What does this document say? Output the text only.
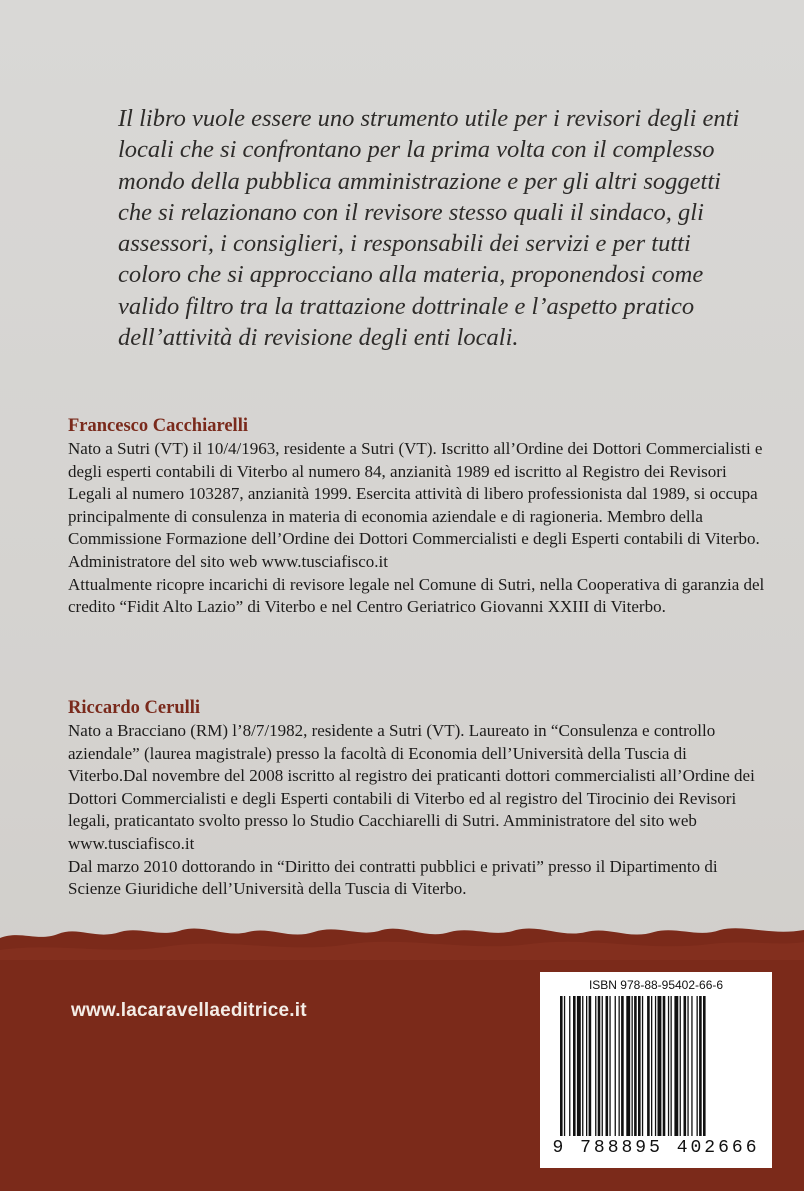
Il libro vuole essere uno strumento utile per i revisori degli enti locali che si confrontano per la prima volta con il complesso mondo della pubblica amministrazione e per gli altri soggetti che si relazionano con il revisore stesso quali il sindaco, gli assessori, i consiglieri, i responsabili dei servizi e per tutti coloro che si approcciano alla materia, proponendosi come valido filtro tra la trattazione dottrinale e l’aspetto pratico dell’attività di revisione degli enti locali.

Francesco Cacchiarelli

Nato a Sutri (VT) il 10/4/1963, residente a Sutri (VT). Iscritto all’Ordine dei Dottori Commercialisti e degli esperti contabili di Viterbo al numero 84, anzianità 1989 ed iscritto al Registro dei Revisori Legali al numero 103287, anzianità 1999. Esercita attività di libero professionista dal 1989, si occupa principalmente di consulenza in materia di economia aziendale e di ragioneria. Membro della Commissione Formazione dell’Ordine dei Dottori Commercialisti e degli Esperti contabili di Viterbo. Administratore del sito web www.tusciafisco.it
Attualmente ricopre incarichi di revisore legale nel Comune di Sutri, nella Cooperativa di garanzia del credito “Fidit Alto Lazio” di Viterbo e nel Centro Geriatrico Giovanni XXIII di Viterbo.

Riccardo Cerulli

Nato a Bracciano (RM) l’8/7/1982, residente a Sutri (VT). Laureato in “Consulenza e controllo aziendale” (laurea magistrale) presso la facoltà di Economia dell’Università della Tuscia di Viterbo.Dal novembre del 2008 iscritto al registro dei praticanti dottori commercialisti all’Ordine dei Dottori Commercialisti e degli Esperti contabili di Viterbo ed al registro del Tirocinio dei Revisori legali, praticantato svolto presso lo Studio Cacchiarelli di Sutri. Amministratore del sito web www.tusciafisco.it
Dal marzo 2010 dottorando in “Diritto dei contratti pubblici e privati” presso il Dipartimento di Scienze Giuridiche dell’Università della Tuscia di Viterbo.

www.lacaravellaeditrice.it
ISBN 978-88-95402-66-6
9 788895 402666
